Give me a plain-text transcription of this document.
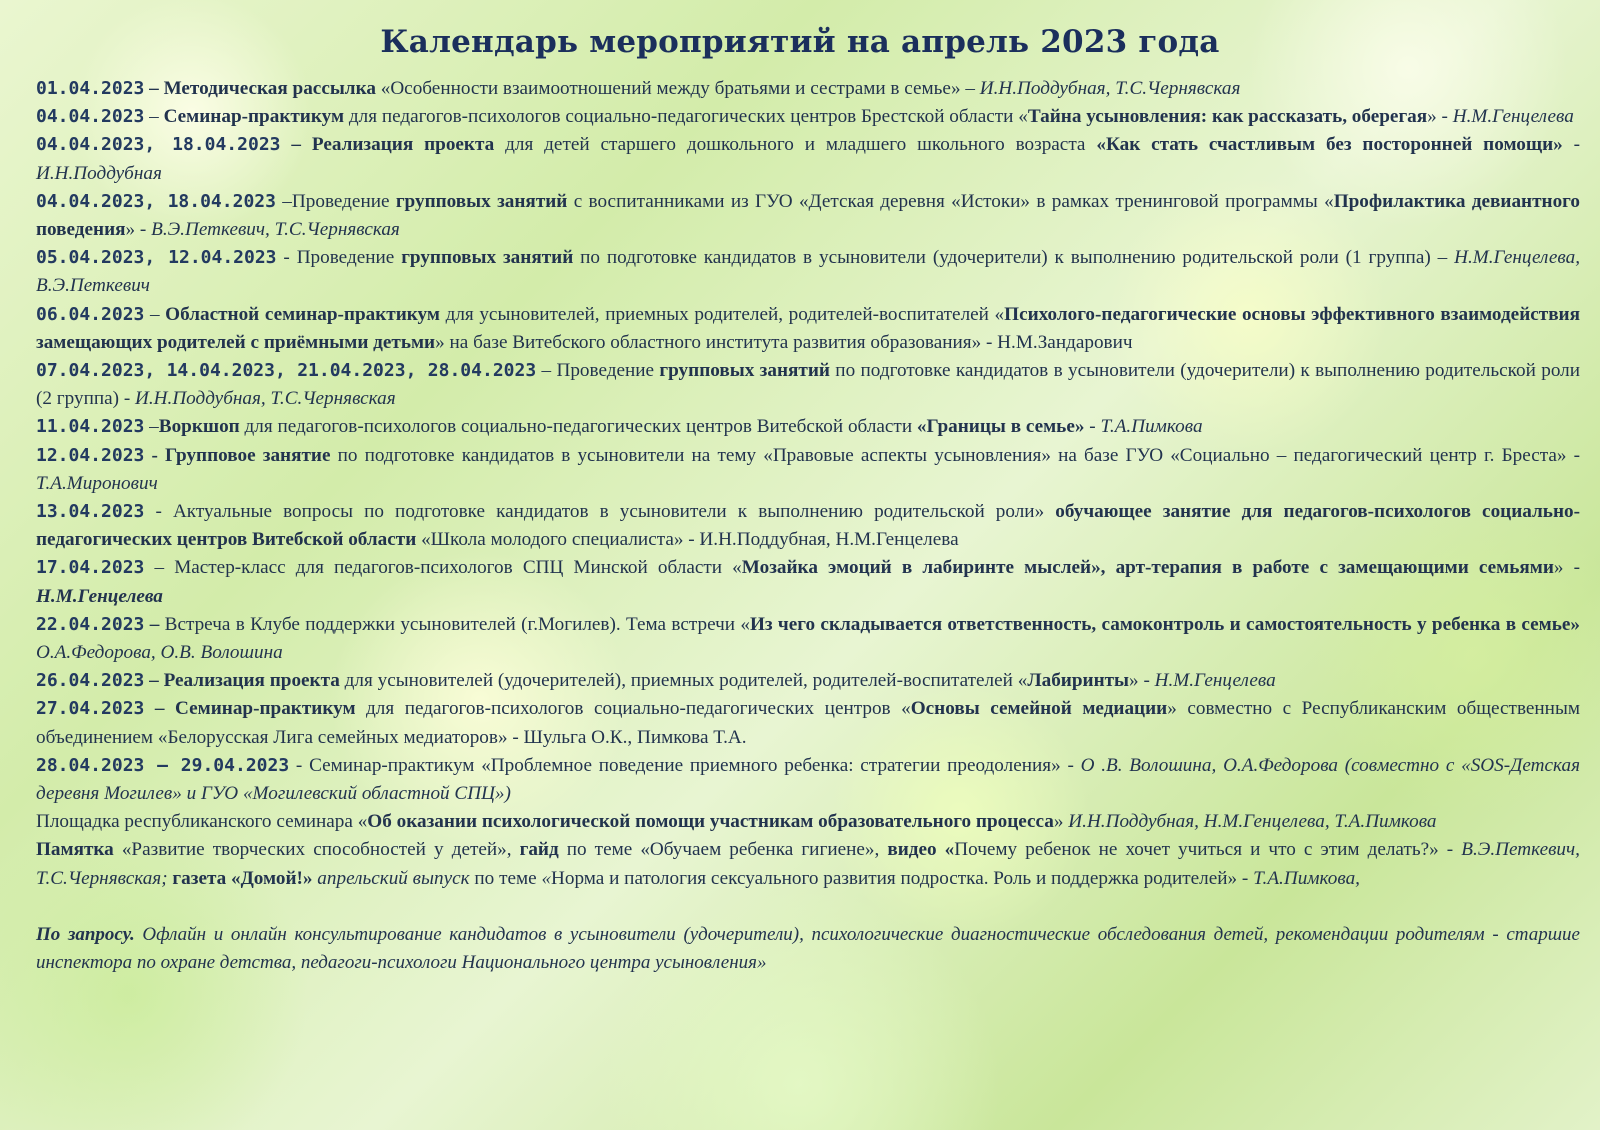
Календарь мероприятий на апрель 2023 года

01.04.2023 – Методическая рассылка «Особенности взаимоотношений между братьями и сестрами в семье» – И.Н.Поддубная, Т.С.Чернявская

04.04.2023 – Семинар-практикум для педагогов-психологов социально-педагогических центров Брестской области «Тайна усыновления: как рассказать, оберегая» - Н.М.Генцелева

04.04.2023, 18.04.2023 – Реализация проекта для детей старшего дошкольного и младшего школьного возраста «Как стать счастливым без посторонней помощи» - И.Н.Поддубная

04.04.2023, 18.04.2023 –Проведение групповых занятий с воспитанниками из ГУО «Детская деревня «Истоки» в рамках тренинговой программы «Профилактика девиантного поведения» - В.Э.Петкевич, Т.С.Чернявская

05.04.2023, 12.04.2023 - Проведение групповых занятий по подготовке кандидатов в усыновители (удочерители) к выполнению родительской роли (1 группа) – Н.М.Генцелева, В.Э.Петкевич

06.04.2023 – Областной семинар-практикум для усыновителей, приемных родителей, родителей-воспитателей «Психолого-педагогические основы эффективного взаимодействия замещающих родителей с приёмными детьми» на базе Витебского областного института развития образования» - Н.М.Зандарович

07.04.2023, 14.04.2023, 21.04.2023, 28.04.2023 – Проведение групповых занятий по подготовке кандидатов в усыновители (удочерители) к выполнению родительской роли (2 группа) - И.Н.Поддубная, Т.С.Чернявская

11.04.2023 –Воркшоп для педагогов-психологов социально-педагогических центров Витебской области «Границы в семье» - Т.А.Пимкова

12.04.2023 - Групповое занятие по подготовке кандидатов в усыновители на тему «Правовые аспекты усыновления» на базе ГУО «Социально – педагогический центр г. Бреста» - Т.А.Миронович

13.04.2023 - Актуальные вопросы по подготовке кандидатов в усыновители к выполнению родительской роли» обучающее занятие для педагогов-психологов социально-педагогических центров Витебской области «Школа молодого специалиста» - И.Н.Поддубная, Н.М.Генцелева

17.04.2023 – Мастер-класс для педагогов-психологов СПЦ Минской области «Мозайка эмоций в лабиринте мыслей», арт-терапия в работе с замещающими семьями» - Н.М.Генцелева

22.04.2023 – Встреча в Клубе поддержки усыновителей (г.Могилев). Тема встречи «Из чего складывается ответственность, самоконтроль и самостоятельность у ребенка в семье» О.А.Федорова, О.В. Волошина

26.04.2023 – Реализация проекта для усыновителей (удочерителей), приемных родителей, родителей-воспитателей «Лабиринты» - Н.М.Генцелева

27.04.2023 – Семинар-практикум для педагогов-психологов социально-педагогических центров «Основы семейной медиации» совместно с Республиканским общественным объединением «Белорусская Лига семейных медиаторов» - Шульга О.К., Пимкова Т.А.

28.04.2023 – 29.04.2023 - Семинар-практикум «Проблемное поведение приемного ребенка: стратегии преодоления» - О .В. Волошина, О.А.Федорова (совместно с «SOS-Детская деревня Могилев» и ГУО «Могилевский областной СПЦ»)

Площадка республиканского семинара «Об оказании психологической помощи участникам образовательного процесса» И.Н.Поддубная, Н.М.Генцелева, Т.А.Пимкова

Памятка «Развитие творческих способностей у детей», гайд по теме «Обучаем ребенка гигиене», видео «Почему ребенок не хочет учиться и что с этим делать?» - В.Э.Петкевич, Т.С.Чернявская; газета «Домой!» апрельский выпуск по теме «Норма и патология сексуального развития подростка. Роль и поддержка родителей» - Т.А.Пимкова,

По запросу. Офлайн и онлайн консультирование кандидатов в усыновители (удочерители), психологические диагностические обследования детей, рекомендации родителям - старшие инспектора по охране детства, педагоги-психологи Национального центра усыновления»
